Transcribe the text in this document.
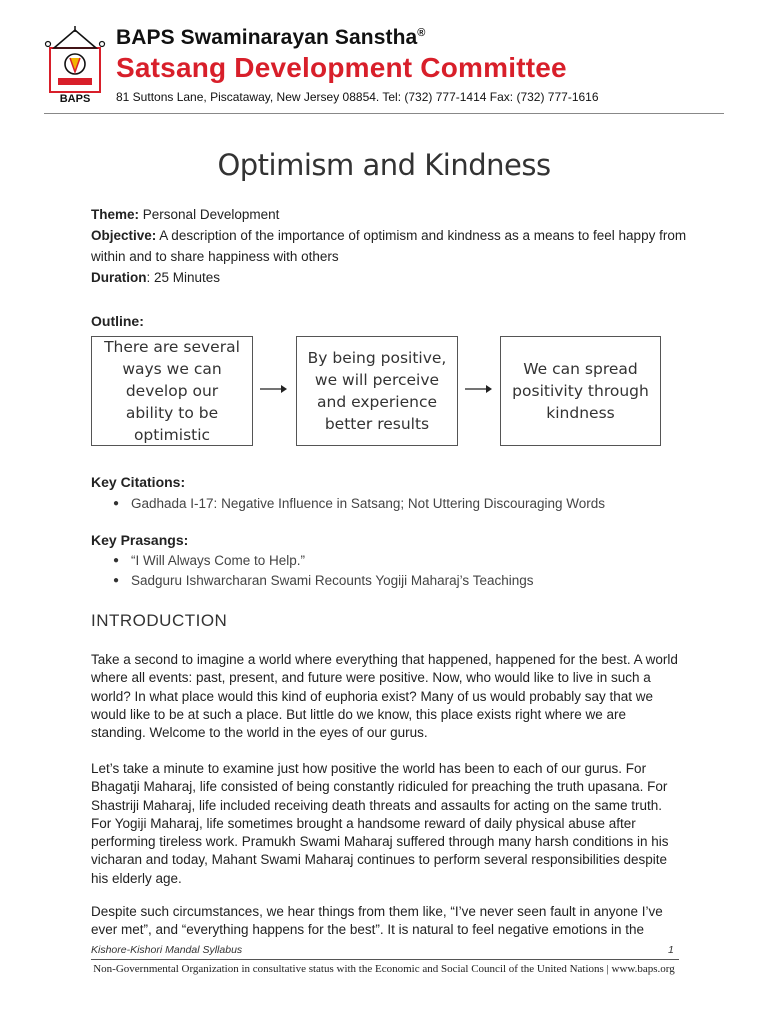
BAPS
BAPS Swaminarayan Sanstha®
Satsang Development Committee
81 Suttons Lane, Piscataway, New Jersey 08854. Tel: (732) 777-1414 Fax: (732) 777-1616
Optimism and Kindness
Theme: Personal Development
Objective: A description of the importance of optimism and kindness as a means to feel happy from within and to share happiness with others
Duration: 25 Minutes
Outline:
There are several ways we can develop our ability to be optimistic
By being positive, we will perceive and experience better results
We can spread positivity through kindness
Key Citations:
● Gadhada I-17: Negative Influence in Satsang; Not Uttering Discouraging Words
Key Prasangs:
● “I Will Always Come to Help.”
● Sadguru Ishwarcharan Swami Recounts Yogiji Maharaj’s Teachings
INTRODUCTION

Take a second to imagine a world where everything that happened, happened for the best. A world where all events: past, present, and future were positive. Now, who would like to live in such a world? In what place would this kind of euphoria exist? Many of us would probably say that we would like to be at such a place. But little do we know, this place exists right where we are standing. Welcome to the world in the eyes of our gurus.

Let’s take a minute to examine just how positive the world has been to each of our gurus. For Bhagatji Maharaj, life consisted of being constantly ridiculed for preaching the truth upasana. For Shastriji Maharaj, life included receiving death threats and assaults for acting on the same truth. For Yogiji Maharaj, life sometimes brought a handsome reward of daily physical abuse after performing tireless work. Pramukh Swami Maharaj suffered through many harsh conditions in his vicharan and today, Mahant Swami Maharaj continues to perform several responsibilities despite his elderly age.

Despite such circumstances, we hear things from them like, “I’ve never seen fault in anyone I’ve ever met”, and “everything happens for the best”. It is natural to feel negative emotions in the

Kishore-Kishori Mandal Syllabus	1
Non-Governmental Organization in consultative status with the Economic and Social Council of the United Nations | www.baps.org
